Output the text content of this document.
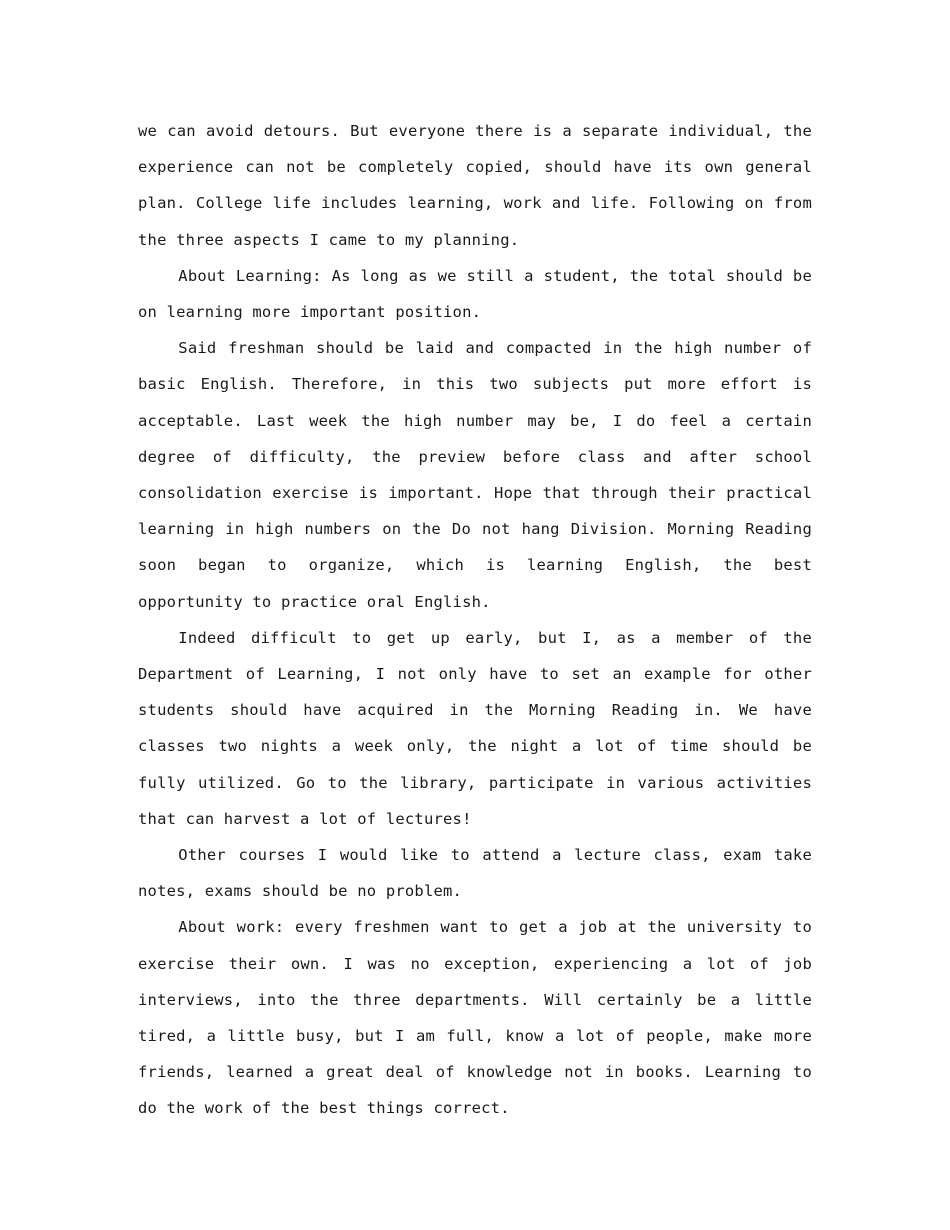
we can avoid detours. But everyone there is a separate individual, the experience can not be completely copied, should have its own general plan. College life includes learning, work and life. Following on from the three aspects I came to my planning.

About Learning: As long as we still a student, the total should be on learning more important position.

Said freshman should be laid and compacted in the high number of basic English. Therefore, in this two subjects put more effort is acceptable. Last week the high number may be, I do feel a certain degree of difficulty, the preview before class and after school consolidation exercise is important. Hope that through their practical learning in high numbers on the Do not hang Division. Morning Reading soon began to organize, which is learning English, the best opportunity to practice oral English.

Indeed difficult to get up early, but I, as a member of the Department of Learning, I not only have to set an example for other students should have acquired in the Morning Reading in. We have classes two nights a week only, the night a lot of time should be fully utilized. Go to the library, participate in various activities that can harvest a lot of lectures!

Other courses I would like to attend a lecture class, exam take notes, exams should be no problem.

About work: every freshmen want to get a job at the university to exercise their own. I was no exception, experiencing a lot of job interviews, into the three departments. Will certainly be a little tired, a little busy, but I am full, know a lot of people, make more friends, learned a great deal of knowledge not in books. Learning to do the work of the best things correct.
